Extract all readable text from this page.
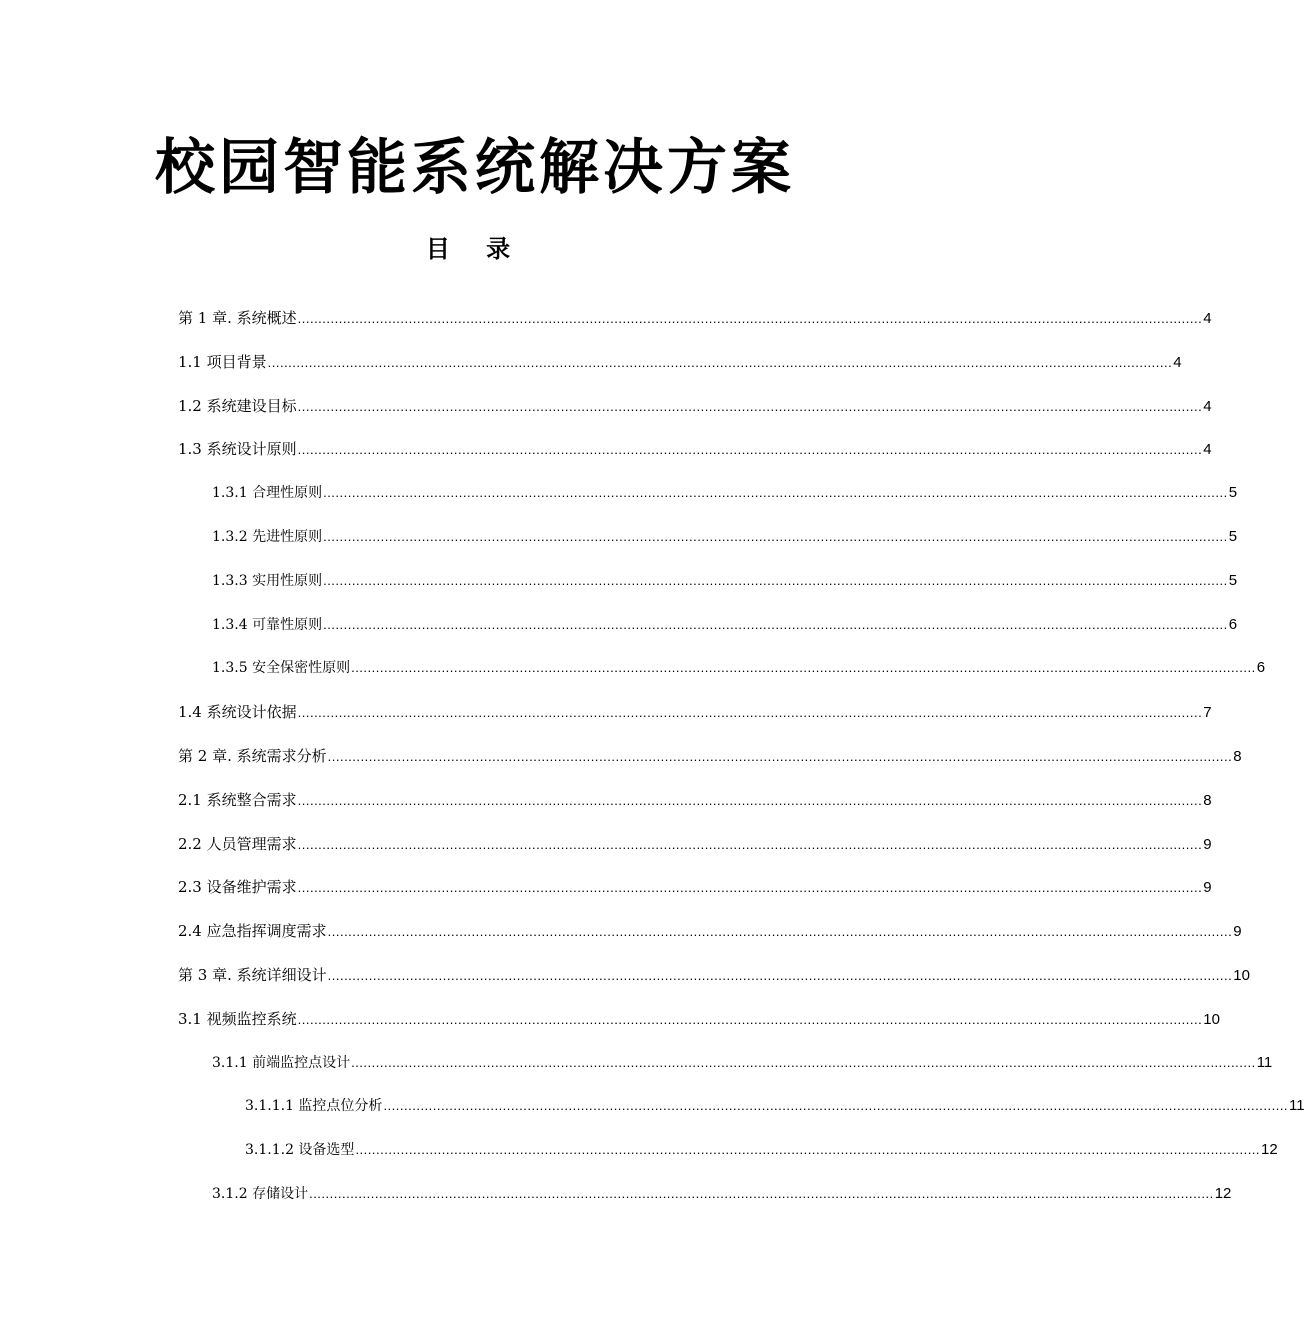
校园智能系统解决方案
目 录
第 1 章. 系统概述 ............................................................................................................................................................................................................................ 4
1.1 项目背景 ............................................................................................................................................................................................................................ 4
1.2 系统建设目标 ............................................................................................................................................................................................................................ 4
1.3 系统设计原则 ............................................................................................................................................................................................................................ 4
1.3.1 合理性原则 ............................................................................................................................................................................................................................ 5
1.3.2 先进性原则 ............................................................................................................................................................................................................................ 5
1.3.3 实用性原则 ............................................................................................................................................................................................................................ 5
1.3.4 可靠性原则 ............................................................................................................................................................................................................................ 6
1.3.5 安全保密性原则 ............................................................................................................................................................................................................................ 6
1.4 系统设计依据 ............................................................................................................................................................................................................................ 7
第 2 章. 系统需求分析 ............................................................................................................................................................................................................................ 8
2.1 系统整合需求 ............................................................................................................................................................................................................................ 8
2.2 人员管理需求 ............................................................................................................................................................................................................................ 9
2.3 设备维护需求 ............................................................................................................................................................................................................................ 9
2.4 应急指挥调度需求 ............................................................................................................................................................................................................................ 9
第 3 章. 系统详细设计 ............................................................................................................................................................................................................................ 10
3.1 视频监控系统 ............................................................................................................................................................................................................................ 10
3.1.1 前端监控点设计 ............................................................................................................................................................................................................................ 11
3.1.1.1 监控点位分析 ............................................................................................................................................................................................................................ 11
3.1.1.2 设备选型 ............................................................................................................................................................................................................................ 12
3.1.2 存储设计 ............................................................................................................................................................................................................................ 12
